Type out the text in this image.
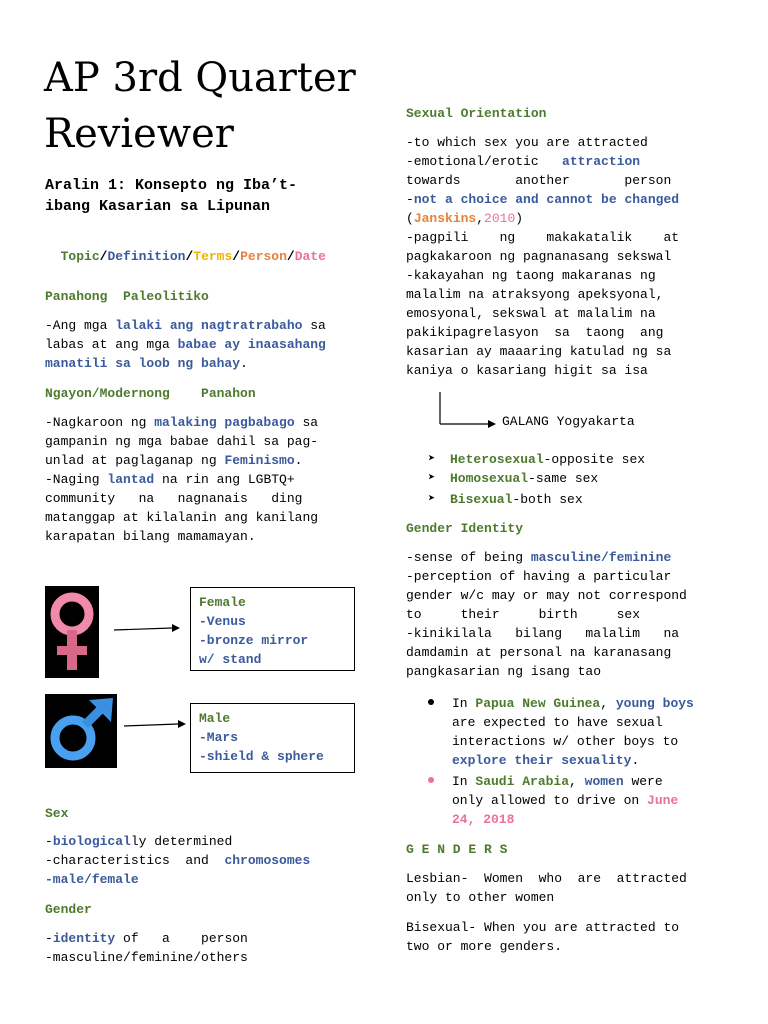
AP 3rd Quarter
Reviewer
Aralin 1: Konsepto ng Iba’t-
ibang Kasarian sa Lipunan

Topic/Definition/Terms/Person/Date

Panahong  Paleolitiko
-Ang mga lalaki ang nagtratrabaho sa
labas at ang mga babae ay inaasahang
manatili sa loob ng bahay.
Ngayon/Modernong    Panahon
-Nagkaroon ng malaking pagbabago sa
gampanin ng mga babae dahil sa pag-
unlad at paglaganap ng Feminismo.
-Naging lantad na rin ang LGBTQ+
community   na   nagnanais   ding
matanggap at kilalanin ang kanilang
karapatan bilang mamamayan.
Female
-Venus
-bronze mirror
w/ stand
Male
-Mars
-shield & sphere
Sex
-biologically determined
-characteristics  and  chromosomes
-male/female
Gender
-identity of   a    person
-masculine/feminine/others
Sexual Orientation
-to which sex you are attracted
-emotional/erotic   attraction
towards       another       person
-not a choice and cannot be changed
(Janskins,2010)
-pagpili    ng    makakatalik    at
pagkakaroon ng pagnanasang sekswal
-kakayahan ng taong makaranas ng
malalim na atraksyong apeksyonal,
emosyonal, sekswal at malalim na
pakikipagrelasyon  sa  taong  ang
kasarian ay maaaring katulad ng sa
kaniya o kasariang higit sa isa
GALANG Yogyakarta
➤ Heterosexual-opposite sex
➤ Homosexual-same sex
➤ Bisexual-both sex
Gender Identity
-sense of being masculine/feminine
-perception of having a particular
gender w/c may or may not correspond
to     their     birth     sex
-kinikilala   bilang   malalim   na
damdamin at personal na karanasang
pangkasarian ng isang tao
In Papua New Guinea, young boys
are expected to have sexual
interactions w/ other boys to
explore their sexuality.
In Saudi Arabia, women were
only allowed to drive on June
24, 2018
G E N D E R S
Lesbian-  Women  who  are  attracted
only to other women
Bisexual- When you are attracted to
two or more genders.
